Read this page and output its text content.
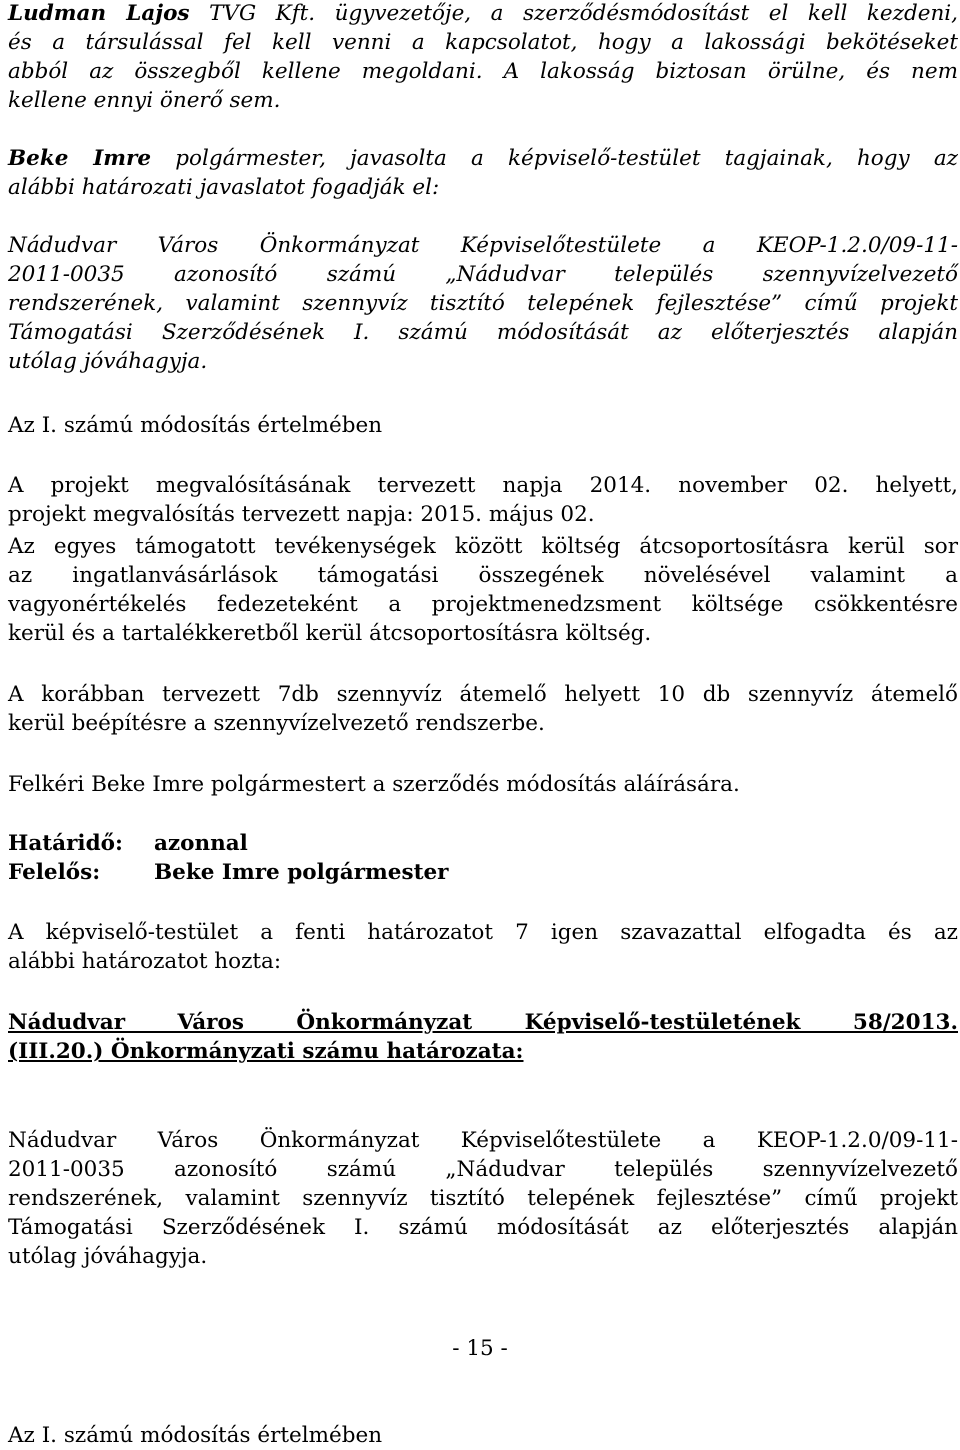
Ludman Lajos TVG Kft. ügyvezetője, a szerződésmódosítást el kell kezdeni,
és a társulással fel kell venni a kapcsolatot, hogy a lakossági bekötéseket
abból az összegből kellene megoldani. A lakosság biztosan örülne, és nem
kellene ennyi önerő sem.
Beke Imre polgármester, javasolta a képviselő-testület tagjainak, hogy az
alábbi határozati javaslatot fogadják el:
Nádudvar Város Önkormányzat Képviselőtestülete a KEOP-1.2.0/09-11-
2011-0035 azonosító számú „Nádudvar település szennyvízelvezető
rendszerének, valamint szennyvíz tisztító telepének fejlesztése” című projekt
Támogatási Szerződésének I. számú módosítását az előterjesztés alapján
utólag jóváhagyja.
Az I. számú módosítás értelmében
A projekt megvalósításának tervezett napja 2014. november 02. helyett,
projekt megvalósítás tervezett napja: 2015. május 02.
Az egyes támogatott tevékenységek között költség átcsoportosításra kerül sor
az ingatlanvásárlások támogatási összegének növelésével valamint a
vagyonértékelés fedezeteként a projektmenedzsment költsége csökkentésre
kerül és a tartalékkeretből kerül átcsoportosításra költség.
A korábban tervezett 7db szennyvíz átemelő helyett 10 db szennyvíz átemelő
kerül beépítésre a szennyvízelvezető rendszerbe.
Felkéri Beke Imre polgármestert a szerződés módosítás aláírására.
Határidő: azonnal
Felelős:	Beke Imre polgármester
A képviselő-testület a fenti határozatot 7 igen szavazattal elfogadta és az
alábbi határozatot hozta:
Nádudvar Város Önkormányzat Képviselő-testületének 58/2013.
(III.20.) Önkormányzati számu határozata:
Nádudvar Város Önkormányzat Képviselőtestülete a KEOP-1.2.0/09-11-
2011-0035 azonosító számú „Nádudvar település szennyvízelvezető
rendszerének, valamint szennyvíz tisztító telepének fejlesztése” című projekt
Támogatási Szerződésének I. számú módosítását az előterjesztés alapján
utólag jóváhagyja.
- 15 -
Az I. számú módosítás értelmében
